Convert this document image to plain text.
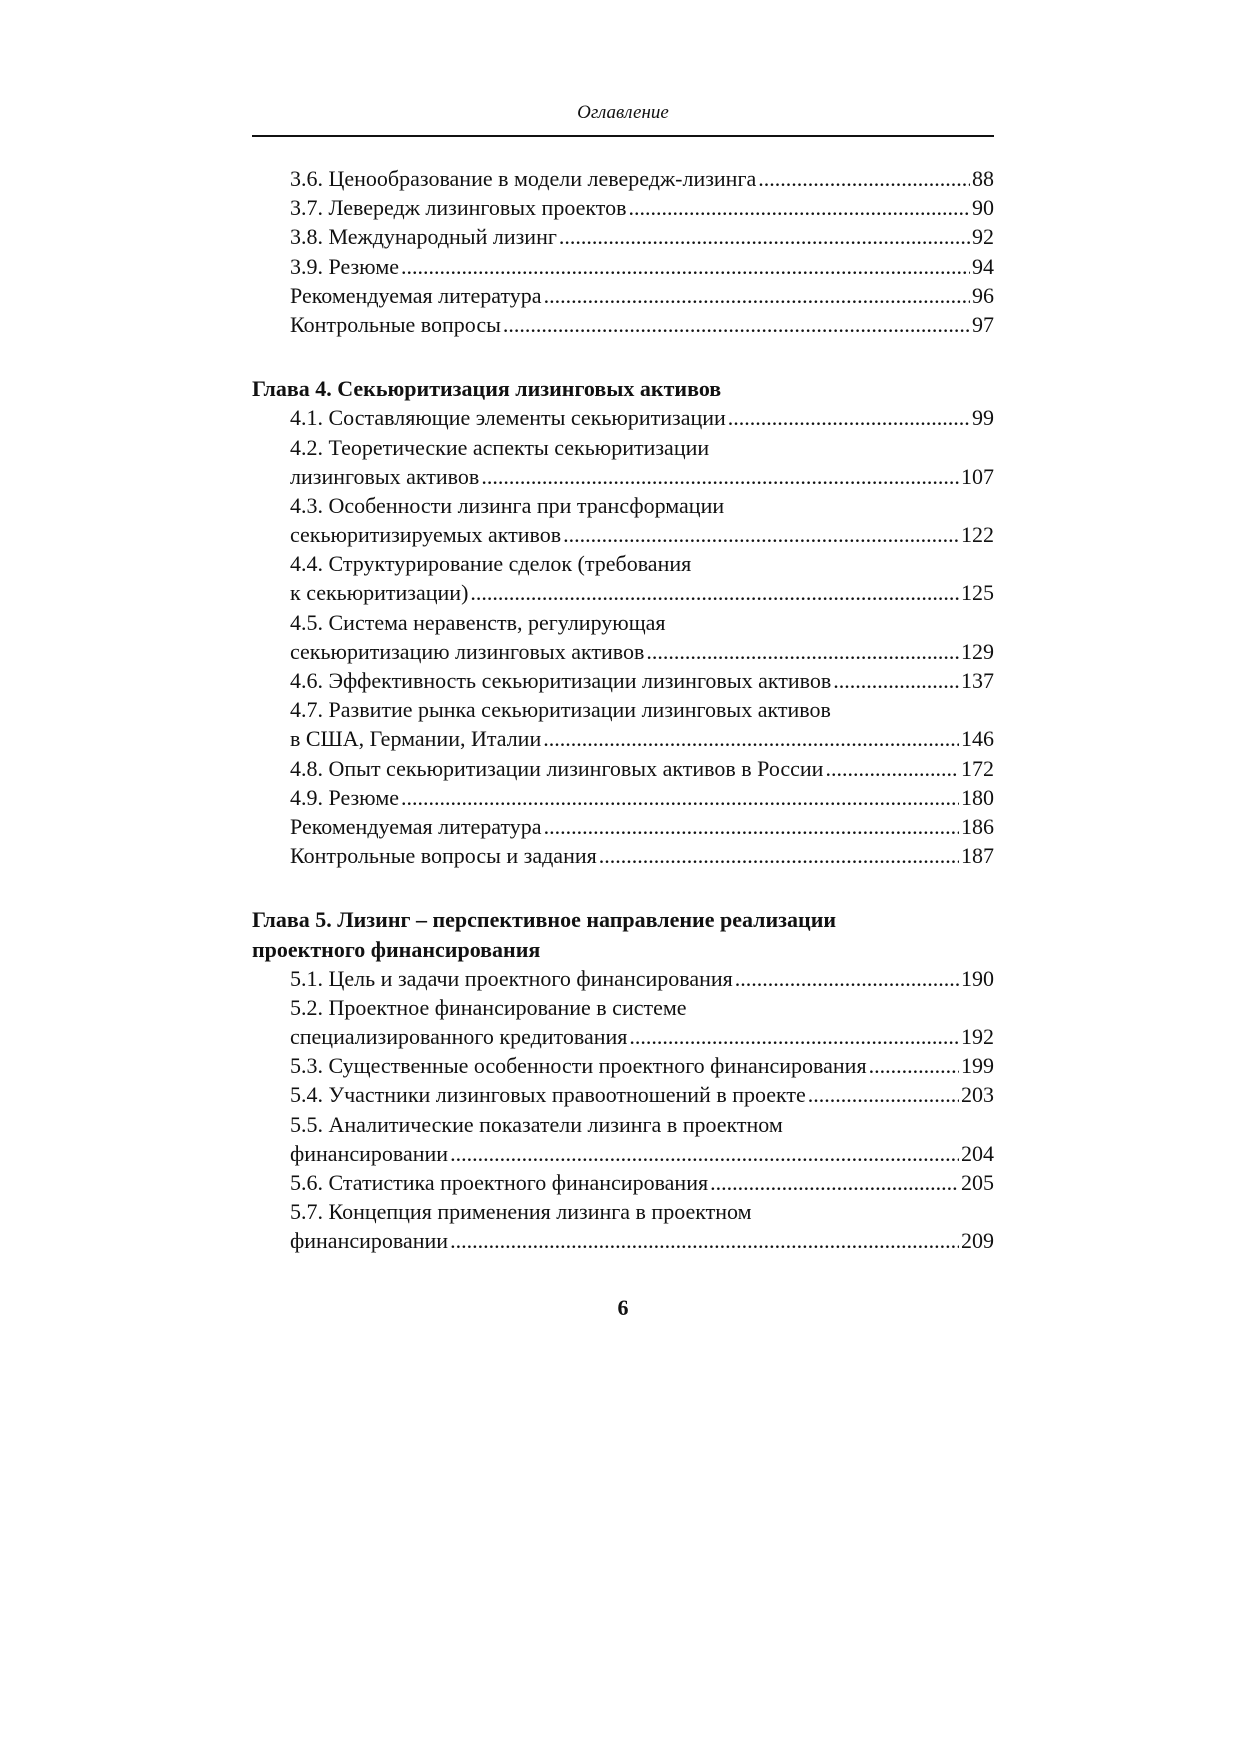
Оглавление
3.6. Ценообразование в модели левередж-лизинга .....	88
3.7. Левередж лизинговых проектов .....	90
3.8. Международный лизинг .....	92
3.9. Резюме .....	94
Рекомендуемая литература .....	96
Контрольные вопросы .....	97
Глава 4. Секьюритизация лизинговых активов
4.1. Составляющие элементы секьюритизации .....	99
4.2. Теоретические аспекты секьюритизации
лизинговых активов .....	107
4.3. Особенности лизинга при трансформации
секьюритизируемых активов .....	122
4.4. Структурирование сделок (требования
к секьюритизации) .....	125
4.5. Система неравенств, регулирующая
секьюритизацию лизинговых активов .....	129
4.6. Эффективность секьюритизации лизинговых активов .....	137
4.7. Развитие рынка секьюритизации лизинговых активов
в США, Германии, Италии .....	146
4.8. Опыт секьюритизации лизинговых активов в России .....	172
4.9. Резюме .....	180
Рекомендуемая литература .....	186
Контрольные вопросы и задания .....	187
Глава 5. Лизинг – перспективное направление реализации
проектного финансирования
5.1. Цель и задачи проектного финансирования .....	190
5.2. Проектное финансирование в системе
специализированного кредитования .....	192
5.3. Существенные особенности проектного финансирования .....	199
5.4. Участники лизинговых правоотношений в проекте .....	203
5.5. Аналитические показатели лизинга в проектном
финансировании .....	204
5.6. Статистика проектного финансирования .....	205
5.7. Концепция применения лизинга в проектном
финансировании .....	209
6
